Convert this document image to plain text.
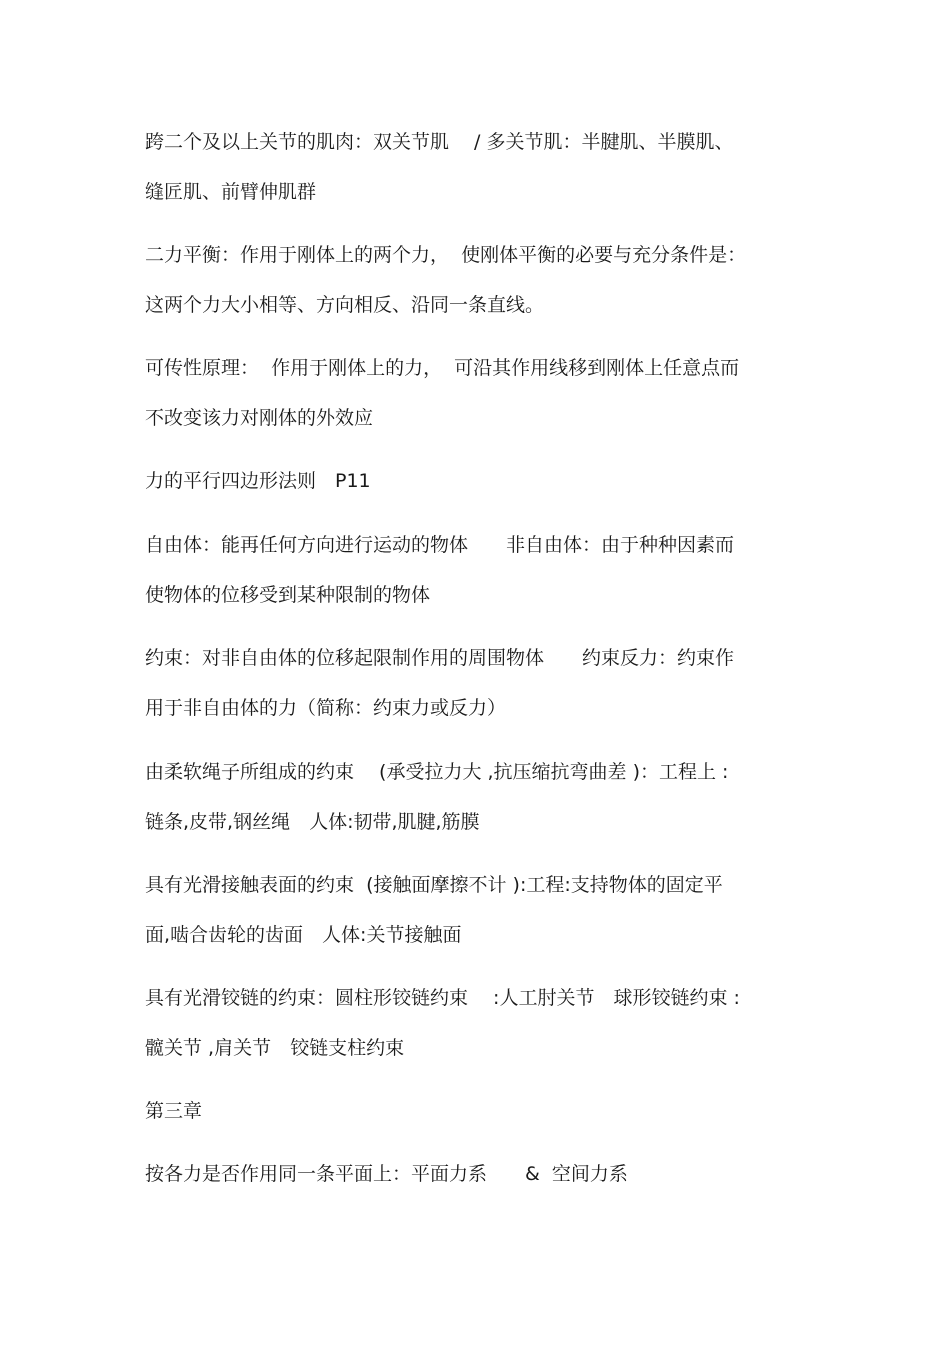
跨二个及以上关节的肌肉：双关节肌　 / 多关节肌：半腱肌、半膜肌、
缝匠肌、前臂伸肌群
二力平衡：作用于刚体上的两个力，  使刚体平衡的必要与充分条件是：
这两个力大小相等、方向相反、沿同一条直线。
可传性原理：  作用于刚体上的力，  可沿其作用线移到刚体上任意点而
不改变该力对刚体的外效应
力的平行四边形法则　P11
自由体：能再任何方向进行运动的物体　　非自由体：由于种种因素而
使物体的位移受到某种限制的物体
约束：对非自由体的位移起限制作用的周围物体　　约束反力：约束作
用于非自由体的力（简称：约束力或反力）
由柔软绳子所组成的约束　 (承受拉力大 ,抗压缩抗弯曲差 )：工程上 :
链条,皮带,钢丝绳　人体:韧带,肌腱,筋膜
具有光滑接触表面的约束  (接触面摩擦不计 ):工程:支持物体的固定平
面,啮合齿轮的齿面　人体:关节接触面
具有光滑铰链的约束：圆柱形铰链约束　 :人工肘关节　球形铰链约束 :
髋关节 ,肩关节　铰链支柱约束
第三章
按各力是否作用同一条平面上：平面力系　　&  空间力系
